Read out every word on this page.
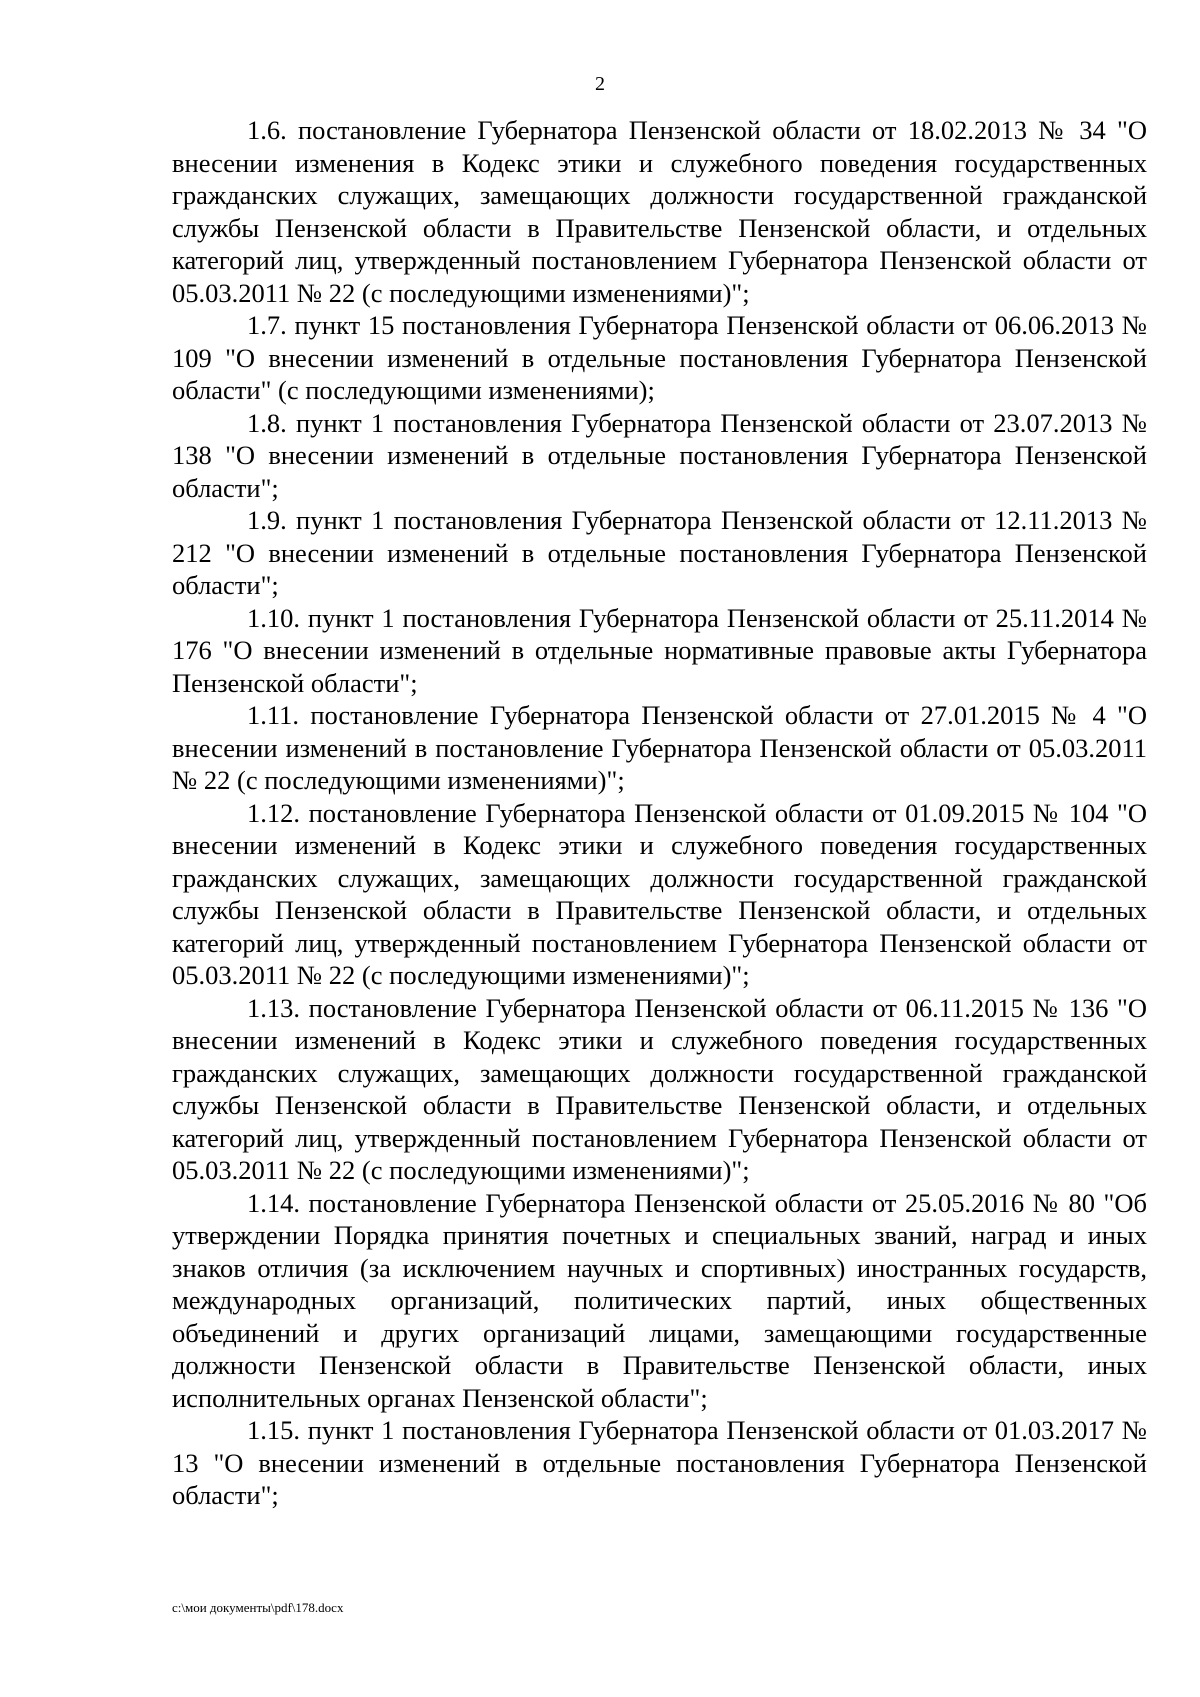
2

1.6. постановление Губернатора Пензенской области от 18.02.2013 № 34 "О внесении изменения в Кодекс этики и служебного поведения государственных гражданских служащих, замещающих должности государственной гражданской службы Пензенской области в Правительстве Пензенской области, и отдельных категорий лиц, утвержденный постановлением Губернатора Пензенской области от 05.03.2011 № 22 (с последующими изменениями)";

1.7. пункт 15 постановления Губернатора Пензенской области от 06.06.2013 № 109 "О внесении изменений в отдельные постановления Губернатора Пензенской области" (с последующими изменениями);

1.8. пункт 1 постановления Губернатора Пензенской области от 23.07.2013 № 138 "О внесении изменений в отдельные постановления Губернатора Пензенской области";

1.9. пункт 1 постановления Губернатора Пензенской области от 12.11.2013 № 212 "О внесении изменений в отдельные постановления Губернатора Пензенской области";

1.10. пункт 1 постановления Губернатора Пензенской области от 25.11.2014 № 176 "О внесении изменений в отдельные нормативные правовые акты Губернатора Пензенской области";

1.11. постановление Губернатора Пензенской области от 27.01.2015 № 4 "О внесении изменений в постановление Губернатора Пензенской области от 05.03.2011 № 22 (с последующими изменениями)";

1.12. постановление Губернатора Пензенской области от 01.09.2015 № 104 "О внесении изменений в Кодекс этики и служебного поведения государственных гражданских служащих, замещающих должности государственной гражданской службы Пензенской области в Правительстве Пензенской области, и отдельных категорий лиц, утвержденный постановлением Губернатора Пензенской области от 05.03.2011 № 22 (с последующими изменениями)";

1.13. постановление Губернатора Пензенской области от 06.11.2015 № 136 "О внесении изменений в Кодекс этики и служебного поведения государственных гражданских служащих, замещающих должности государственной гражданской службы Пензенской области в Правительстве Пензенской области, и отдельных категорий лиц, утвержденный постановлением Губернатора Пензенской области от 05.03.2011 № 22 (с последующими изменениями)";

1.14. постановление Губернатора Пензенской области от 25.05.2016 № 80 "Об утверждении Порядка принятия почетных и специальных званий, наград и иных знаков отличия (за исключением научных и спортивных) иностранных государств, международных организаций, политических партий, иных общественных объединений и других организаций лицами, замещающими государственные должности Пензенской области в Правительстве Пензенской области, иных исполнительных органах Пензенской области";

1.15. пункт 1 постановления Губернатора Пензенской области от 01.03.2017 № 13 "О внесении изменений в отдельные постановления Губернатора Пензенской области";

c:\мои документы\pdf\178.docx
